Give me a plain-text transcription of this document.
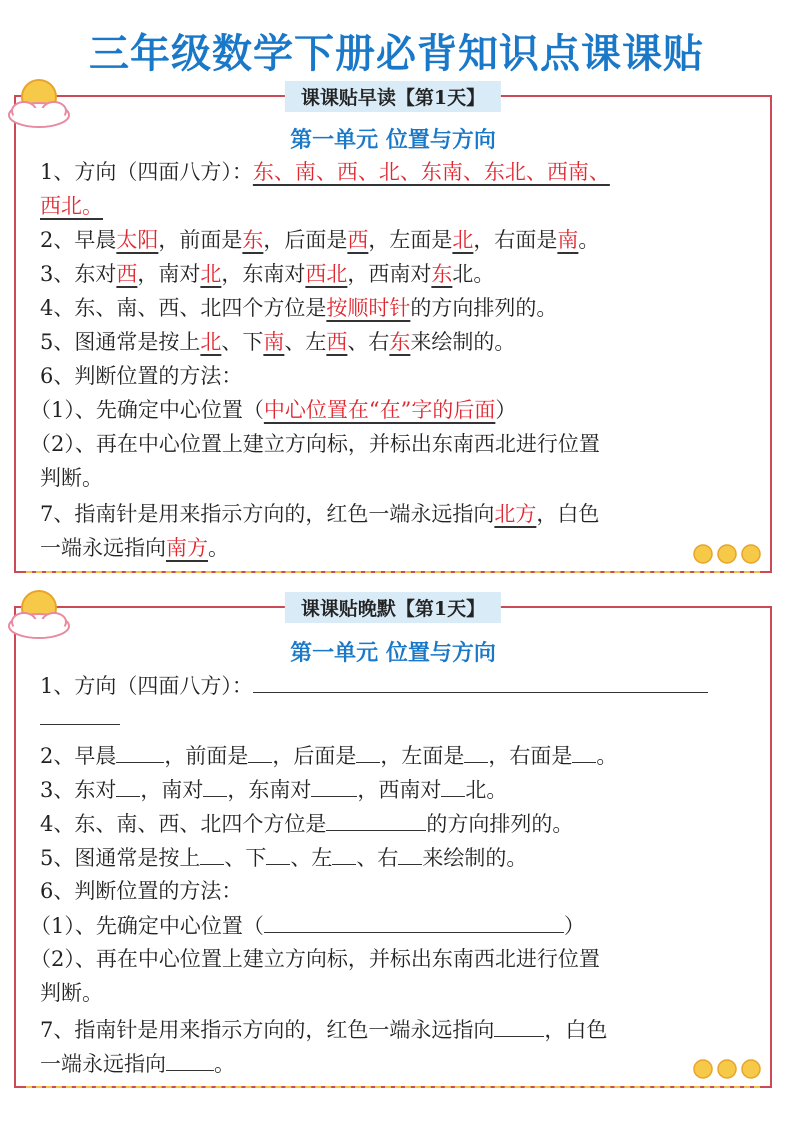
三年级数学下册必背知识点课课贴
课课贴早读【第1天】
第一单元 位置与方向
1、方向（四面八方）：东、南、西、北、东南、东北、西南、
西北。
2、早晨太阳，前面是东，后面是西，左面是北，右面是南。
3、东对西，南对北，东南对西北，西南对东北。
4、东、南、西、北四个方位是按顺时针的方向排列的。
5、图通常是按上北、下南、左西、右东来绘制的。
6、判断位置的方法：
（1）、先确定中心位置（中心位置在“在”字的后面）
（2）、再在中心位置上建立方向标，并标出东南西北进行位置
判断。
7、指南针是用来指示方向的，红色一端永远指向北方，白色
一端永远指向南方。
课课贴晚默【第1天】
第一单元 位置与方向
1、方向（四面八方）：
2、早晨 ，前面是 ，后面是 ，左面是 ，右面是 。
3、东对 ，南对 ，东南对 ，西南对 北。
4、东、南、西、北四个方位是	的方向排列的。
5、图通常是按上 、下 、左 、右 来绘制的。
6、判断位置的方法：
（1）、先确定中心位置（	）
（2）、再在中心位置上建立方向标，并标出东南西北进行位置
判断。
7、指南针是用来指示方向的，红色一端永远指向 ，白色
一端永远指向 。
